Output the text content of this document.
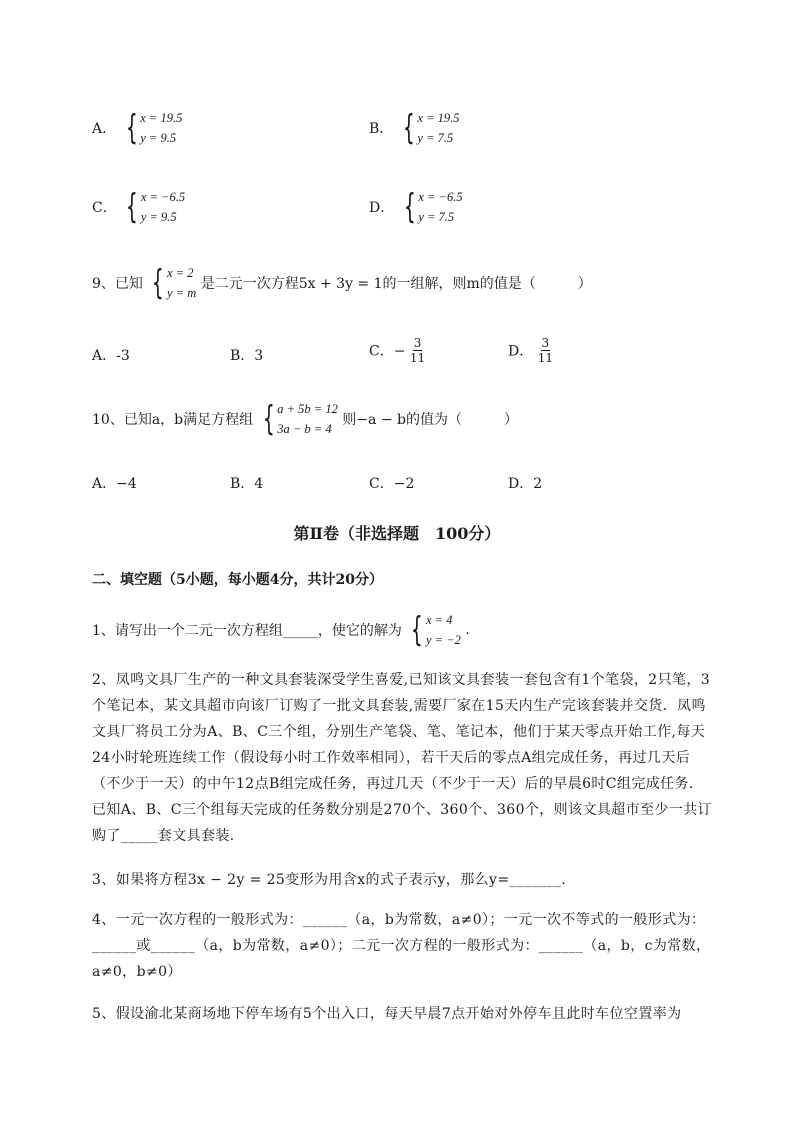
A． { x = 19.5
y = 9.5
B． { x = 19.5
y = 7.5
C． { x = −6.5
y = 9.5
D． { x = −6.5
y = 7.5
9、已知 { x = 2
y = m
是二元一次方程5x + 3y = 1的一组解，则m的值是（　　　）
A．-3	B．3	C．− $\frac{3}{11}$	D． $\frac{3}{11}$
10、已知a，b满足方程组 { a + 5b = 12
3a − b = 4
则−a − b的值为（　　　）
A．−4	B．4	C．−2	D．2
第Ⅱ卷（非选择题　100分）
二、填空题（5小题，每小题4分，共计20分）
1、请写出一个二元一次方程组_____，使它的解为 { x = 4
y = −2
.
2、凤鸣文具厂生产的一种文具套装深受学生喜爱,已知该文具套装一套包含有1个笔袋，2只笔，3个笔记本，某文具超市向该厂订购了一批文具套装,需要厂家在15天内生产完该套装并交货．凤鸣文具厂将员工分为A、B、C三个组，分别生产笔袋、笔、笔记本，他们于某天零点开始工作,每天24小时轮班连续工作（假设每小时工作效率相同），若干天后的零点A组完成任务，再过几天后（不少于一天）的中午12点B组完成任务，再过几天（不少于一天）后的早晨6时C组完成任务．已知A、B、C三个组每天完成的任务数分别是270个、360个、360个，则该文具超市至少一共订购了_____套文具套装．
3、如果将方程3x − 2y = 25变形为用含x的式子表示y，那么y=_______.
4、一元一次方程的一般形式为：______（a，b为常数，a≠0）；一元一次不等式的一般形式为：______或______（a，b为常数，a≠0）；二元一次方程的一般形式为：______（a，b，c为常数，a≠0，b≠0）
5、假设渝北某商场地下停车场有5个出入口，每天早晨7点开始对外停车且此时车位空置率为
